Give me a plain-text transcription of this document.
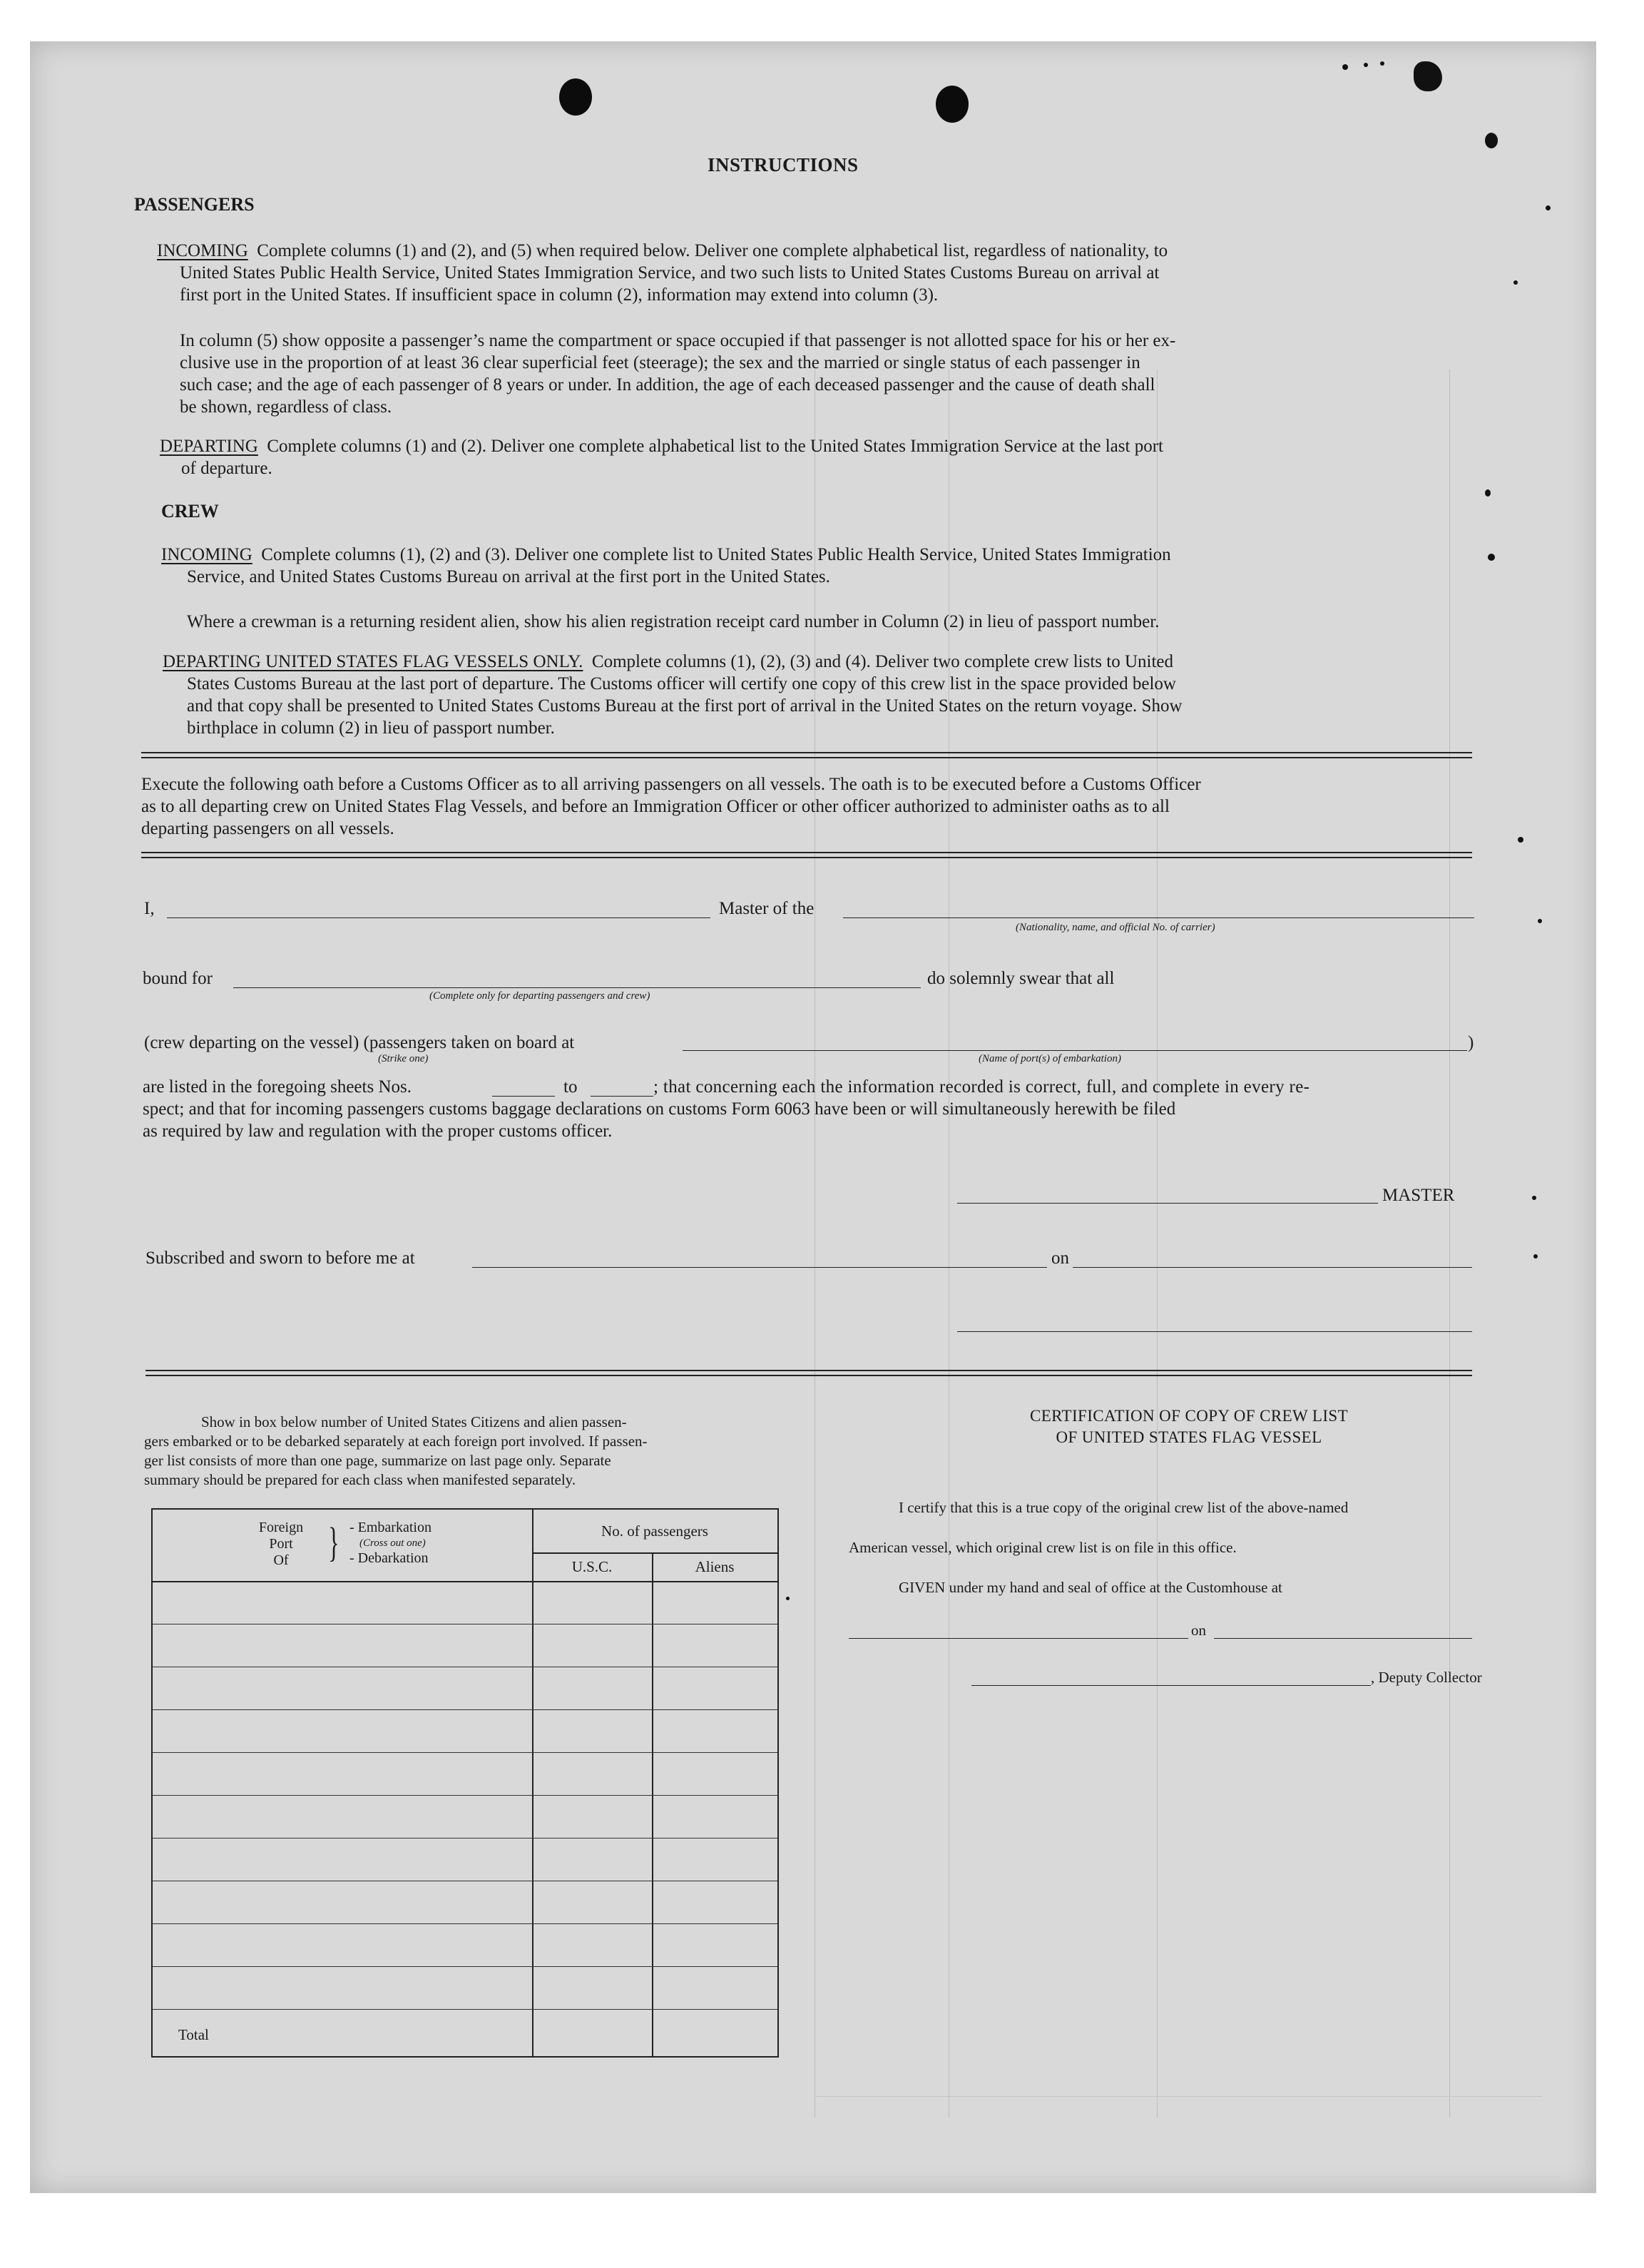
INSTRUCTIONS
PASSENGERS
INCOMING Complete columns (1) and (2), and (5) when required below. Deliver one complete alphabetical list, regardless of nationality, to
United States Public Health Service, United States Immigration Service, and two such lists to United States Customs Bureau on arrival at
first port in the United States. If insufficient space in column (2), information may extend into column (3).
In column (5) show opposite a passenger’s name the compartment or space occupied if that passenger is not allotted space for his or her ex-
clusive use in the proportion of at least 36 clear superficial feet (steerage); the sex and the married or single status of each passenger in
such case; and the age of each passenger of 8 years or under. In addition, the age of each deceased passenger and the cause of death shall
be shown, regardless of class.
DEPARTING Complete columns (1) and (2). Deliver one complete alphabetical list to the United States Immigration Service at the last port
of departure.
CREW
INCOMING Complete columns (1), (2) and (3). Deliver one complete list to United States Public Health Service, United States Immigration
Service, and United States Customs Bureau on arrival at the first port in the United States.
Where a crewman is a returning resident alien, show his alien registration receipt card number in Column (2) in lieu of passport number.
DEPARTING UNITED STATES FLAG VESSELS ONLY. Complete columns (1), (2), (3) and (4). Deliver two complete crew lists to United
States Customs Bureau at the last port of departure. The Customs officer will certify one copy of this crew list in the space provided below
and that copy shall be presented to United States Customs Bureau at the first port of arrival in the United States on the return voyage. Show
birthplace in column (2) in lieu of passport number.
Execute the following oath before a Customs Officer as to all arriving passengers on all vessels. The oath is to be executed before a Customs Officer
as to all departing crew on United States Flag Vessels, and before an Immigration Officer or other officer authorized to administer oaths as to all
departing passengers on all vessels.
I,	Master of the
(Nationality, name, and official No. of carrier)
bound for
(Complete only for departing passengers and crew)
do solemnly swear that all
(crew departing on the vessel) (passengers taken on board at
(Strike one)	(Name of port(s) of embarkation)
)
are listed in the foregoing sheets Nos.	to	; that concerning each the information recorded is correct, full, and complete in every re-
spect; and that for incoming passengers customs baggage declarations on customs Form 6063 have been or will simultaneously herewith be filed
as required by law and regulation with the proper customs officer.
MASTER
Subscribed and sworn to before me at	on
Show in box below number of United States Citizens and alien passen-
gers embarked or to be debarked separately at each foreign port involved. If passen-
ger list consists of more than one page, summarize on last page only. Separate
summary should be prepared for each class when manifested separately.
Foreign
Port
Of } - Embarkation
(Cross out one)
- Debarkation
No. of passengers
U.S.C.	Aliens
Total
CERTIFICATION OF COPY OF CREW LIST
OF UNITED STATES FLAG VESSEL
I certify that this is a true copy of the original crew list of the above-named
American vessel, which original crew list is on file in this office.
GIVEN under my hand and seal of office at the Customhouse at
on
, Deputy Collector
